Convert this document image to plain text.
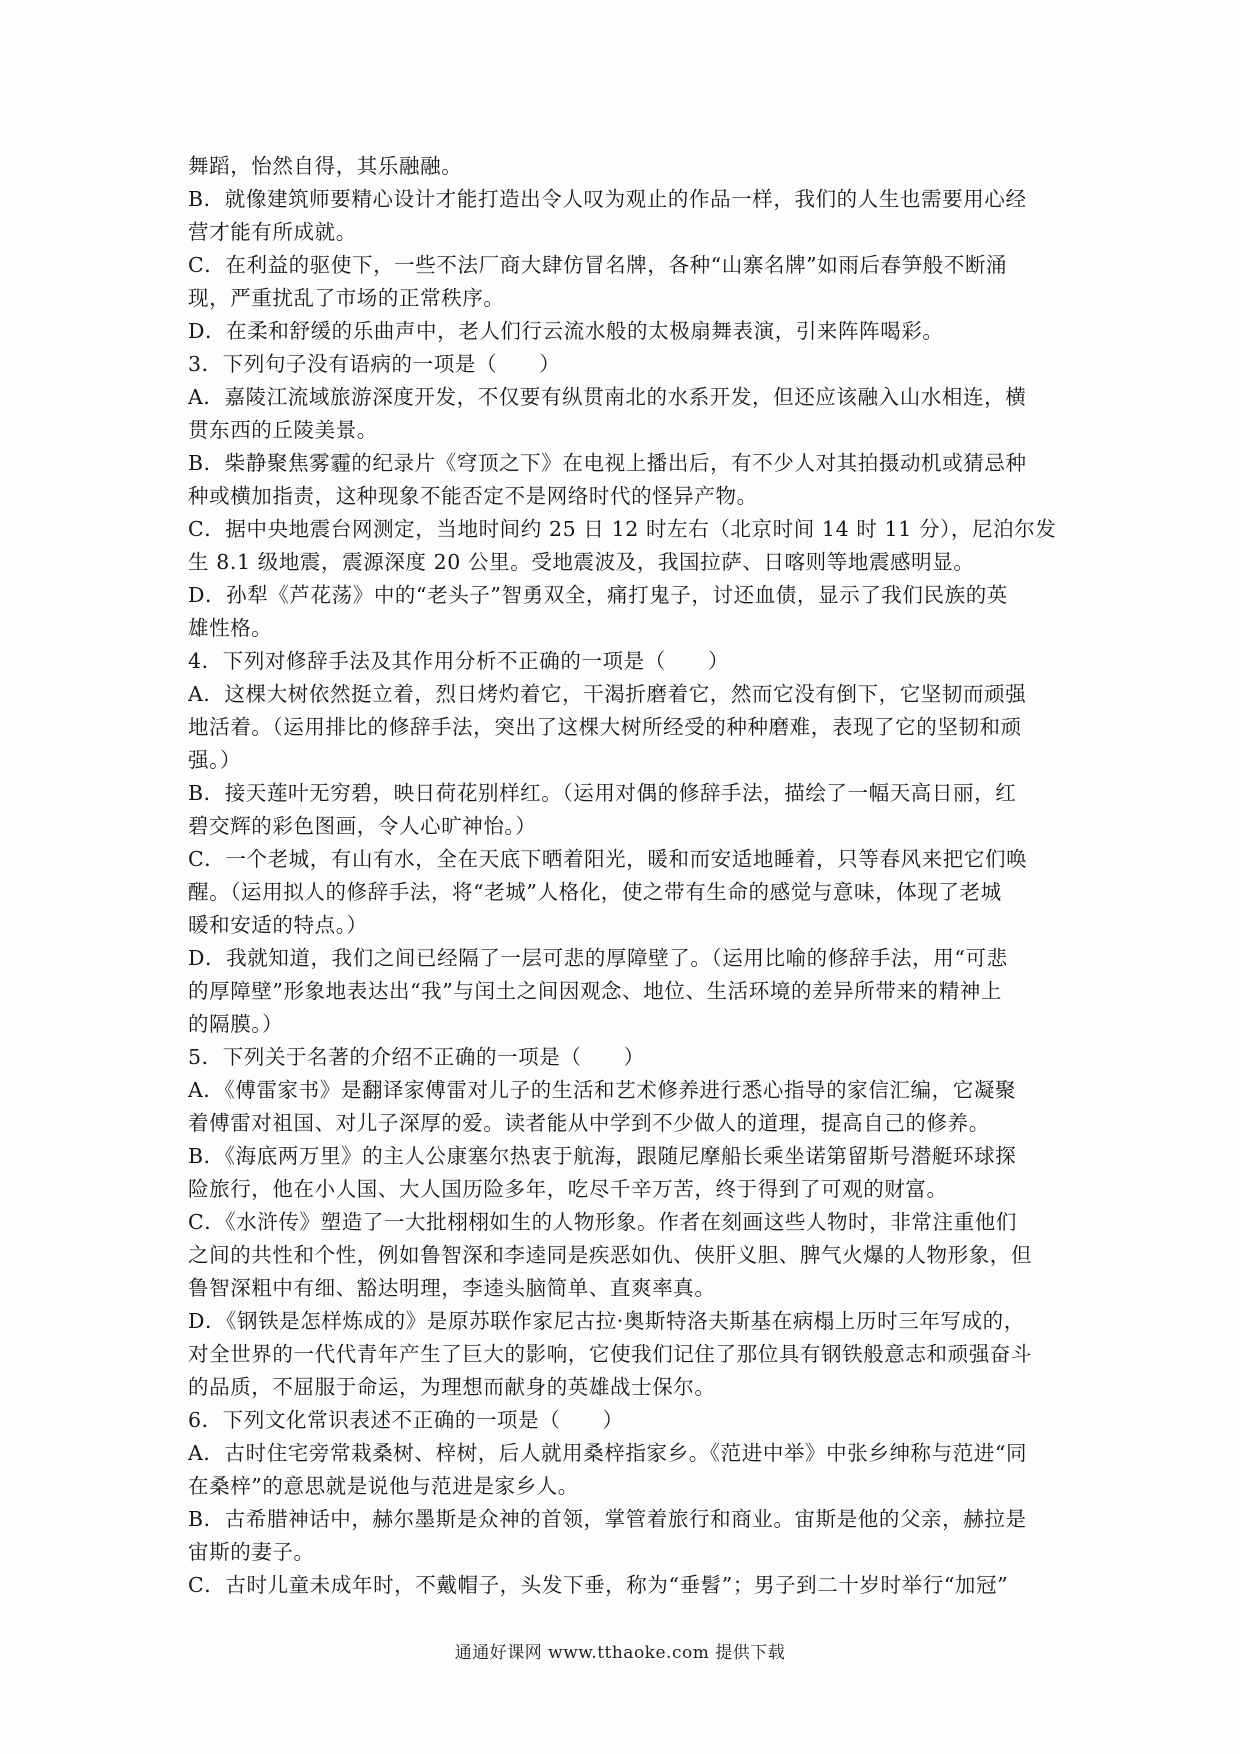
舞蹈，怡然自得，其乐融融。
B．就像建筑师要精心设计才能打造出令人叹为观止的作品一样，我们的人生也需要用心经
营才能有所成就。
C．在利益的驱使下，一些不法厂商大肆仿冒名牌，各种“山寨名牌”如雨后春笋般不断涌
现，严重扰乱了市场的正常秩序。
D．在柔和舒缓的乐曲声中，老人们行云流水般的太极扇舞表演，引来阵阵喝彩。
3．下列句子没有语病的一项是（　　）
A．嘉陵江流域旅游深度开发，不仅要有纵贯南北的水系开发，但还应该融入山水相连，横
贯东西的丘陵美景。
B．柴静聚焦雾霾的纪录片《穹顶之下》在电视上播出后，有不少人对其拍摄动机或猜忌种
种或横加指责，这种现象不能否定不是网络时代的怪异产物。
C．据中央地震台网测定，当地时间约 25 日 12 时左右（北京时间 14 时 11 分），尼泊尔发
生 8.1 级地震，震源深度 20 公里。受地震波及，我国拉萨、日喀则等地震感明显。
D．孙犁《芦花荡》中的“老头子”智勇双全，痛打鬼子，讨还血债，显示了我们民族的英
雄性格。
4．下列对修辞手法及其作用分析不正确的一项是（　　）
A．这棵大树依然挺立着，烈日烤灼着它，干渴折磨着它，然而它没有倒下，它坚韧而顽强
地活着。（运用排比的修辞手法，突出了这棵大树所经受的种种磨难，表现了它的坚韧和顽
强。）
B．接天莲叶无穷碧，映日荷花别样红。（运用对偶的修辞手法，描绘了一幅天高日丽，红
碧交辉的彩色图画，令人心旷神怡。）
C．一个老城，有山有水，全在天底下晒着阳光，暖和而安适地睡着，只等春风来把它们唤
醒。（运用拟人的修辞手法，将“老城”人格化，使之带有生命的感觉与意味，体现了老城
暖和安适的特点。）
D．我就知道，我们之间已经隔了一层可悲的厚障壁了。（运用比喻的修辞手法，用“可悲
的厚障壁”形象地表达出“我”与闰土之间因观念、地位、生活环境的差异所带来的精神上
的隔膜。）
5．下列关于名著的介绍不正确的一项是（　　）
A．《傅雷家书》是翻译家傅雷对儿子的生活和艺术修养进行悉心指导的家信汇编，它凝聚
着傅雷对祖国、对儿子深厚的爱。读者能从中学到不少做人的道理，提高自己的修养。
B．《海底两万里》的主人公康塞尔热衷于航海，跟随尼摩船长乘坐诺第留斯号潜艇环球探
险旅行，他在小人国、大人国历险多年，吃尽千辛万苦，终于得到了可观的财富。
C．《水浒传》塑造了一大批栩栩如生的人物形象。作者在刻画这些人物时，非常注重他们
之间的共性和个性，例如鲁智深和李逵同是疾恶如仇、侠肝义胆、脾气火爆的人物形象，但
鲁智深粗中有细、豁达明理，李逵头脑简单、直爽率真。
D．《钢铁是怎样炼成的》是原苏联作家尼古拉·奥斯特洛夫斯基在病榻上历时三年写成的，
对全世界的一代代青年产生了巨大的影响，它使我们记住了那位具有钢铁般意志和顽强奋斗
的品质，不屈服于命运，为理想而献身的英雄战士保尔。
6．下列文化常识表述不正确的一项是（　　）
A．古时住宅旁常栽桑树、梓树，后人就用桑梓指家乡。《范进中举》中张乡绅称与范进“同
在桑梓”的意思就是说他与范进是家乡人。
B．古希腊神话中，赫尔墨斯是众神的首领，掌管着旅行和商业。宙斯是他的父亲，赫拉是
宙斯的妻子。
C．古时儿童未成年时，不戴帽子，头发下垂，称为“垂髫”；男子到二十岁时举行“加冠”
通通好课网 www.tthaoke.com 提供下载
